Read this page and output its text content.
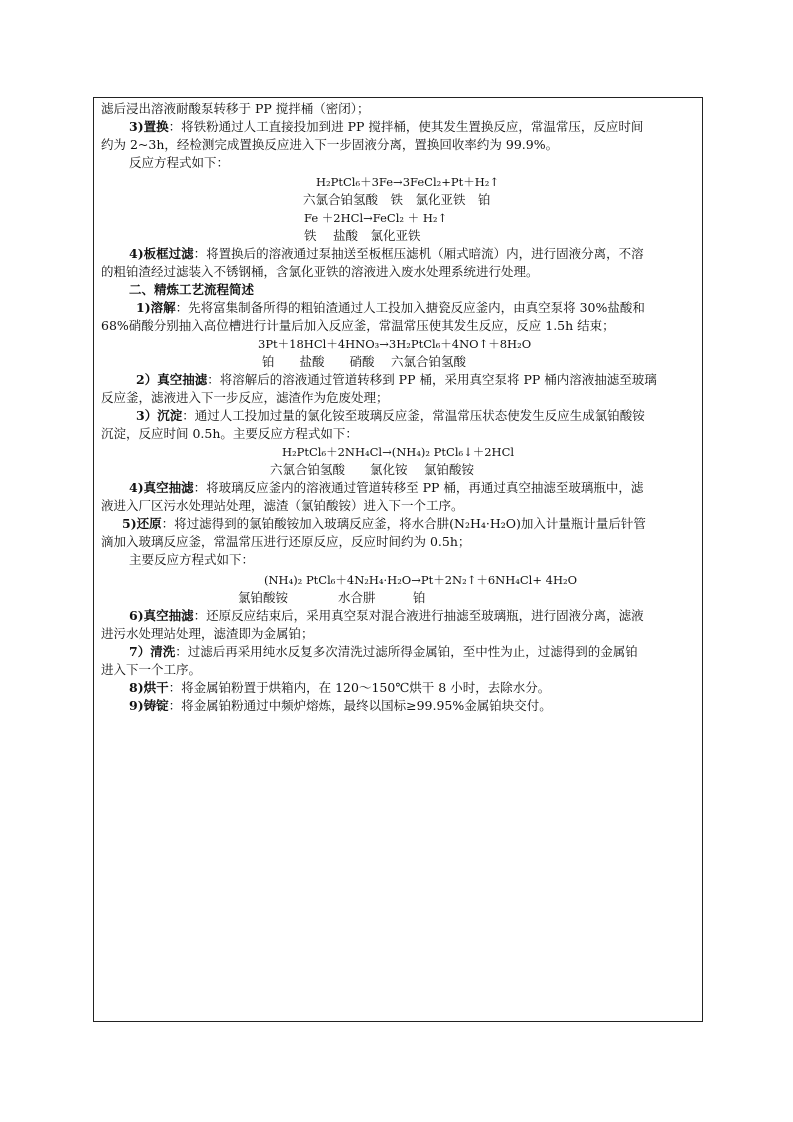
滤后浸出溶液耐酸泵转移于 PP 搅拌桶（密闭）；
3)置换：将铁粉通过人工直接投加到进 PP 搅拌桶，使其发生置换反应，常温常压，反应时间
约为 2~3h，经检测完成置换反应进入下一步固液分离，置换回收率约为 99.9%。
反应方程式如下：
H₂PtCl₆＋3Fe→3FeCl₂+Pt＋H₂↑
六氯合铂氢酸　铁　氯化亚铁　铂
Fe ＋2HCl→FeCl₂ ＋ H₂↑
铁　 盐酸　氯化亚铁
4)板框过滤：将置换后的溶液通过泵抽送至板框压滤机（厢式暗流）内，进行固液分离，不溶
的粗铂渣经过滤装入不锈钢桶，含氯化亚铁的溶液进入废水处理系统进行处理。
二、精炼工艺流程简述
1)溶解：先将富集制备所得的粗铂渣通过人工投加入搪瓷反应釜内，由真空泵将 30%盐酸和
68%硝酸分别抽入高位槽进行计量后加入反应釜，常温常压使其发生反应，反应 1.5h 结束；
3Pt＋18HCl＋4HNO₃→3H₂PtCl₆＋4NO↑＋8H₂O
铂　　盐酸　　硝酸　 六氯合铂氢酸
2）真空抽滤：将溶解后的溶液通过管道转移到 PP 桶，采用真空泵将 PP 桶内溶液抽滤至玻璃
反应釜，滤液进入下一步反应，滤渣作为危废处理；
3）沉淀：通过人工投加过量的氯化铵至玻璃反应釜，常温常压状态使发生反应生成氯铂酸铵
沉淀，反应时间 0.5h。主要反应方程式如下：
H₂PtCl₆＋2NH₄Cl→(NH₄)₂ PtCl₆↓＋2HCl
六氯合铂氢酸　　氯化铵　 氯铂酸铵
4)真空抽滤：将玻璃反应釜内的溶液通过管道转移至 PP 桶，再通过真空抽滤至玻璃瓶中，滤
液进入厂区污水处理站处理，滤渣（氯铂酸铵）进入下一个工序。
5)还原：将过滤得到的氯铂酸铵加入玻璃反应釜，将水合肼(N₂H₄·H₂O)加入计量瓶计量后针管
滴加入玻璃反应釜，常温常压进行还原反应，反应时间约为 0.5h；
主要反应方程式如下：
(NH₄)₂ PtCl₆＋4N₂H₄·H₂O→Pt＋2N₂↑＋6NH₄Cl+ 4H₂O
氯铂酸铵　　　　水合肼　　　铂
6)真空抽滤：还原反应结束后，采用真空泵对混合液进行抽滤至玻璃瓶，进行固液分离，滤液
进污水处理站处理，滤渣即为金属铂；
7）清洗：过滤后再采用纯水反复多次清洗过滤所得金属铂，至中性为止，过滤得到的金属铂
进入下一个工序。
8)烘干：将金属铂粉置于烘箱内，在 120～150℃烘干 8 小时，去除水分。
9)铸锭：将金属铂粉通过中频炉熔炼，最终以国标≥99.95%金属铂块交付。
